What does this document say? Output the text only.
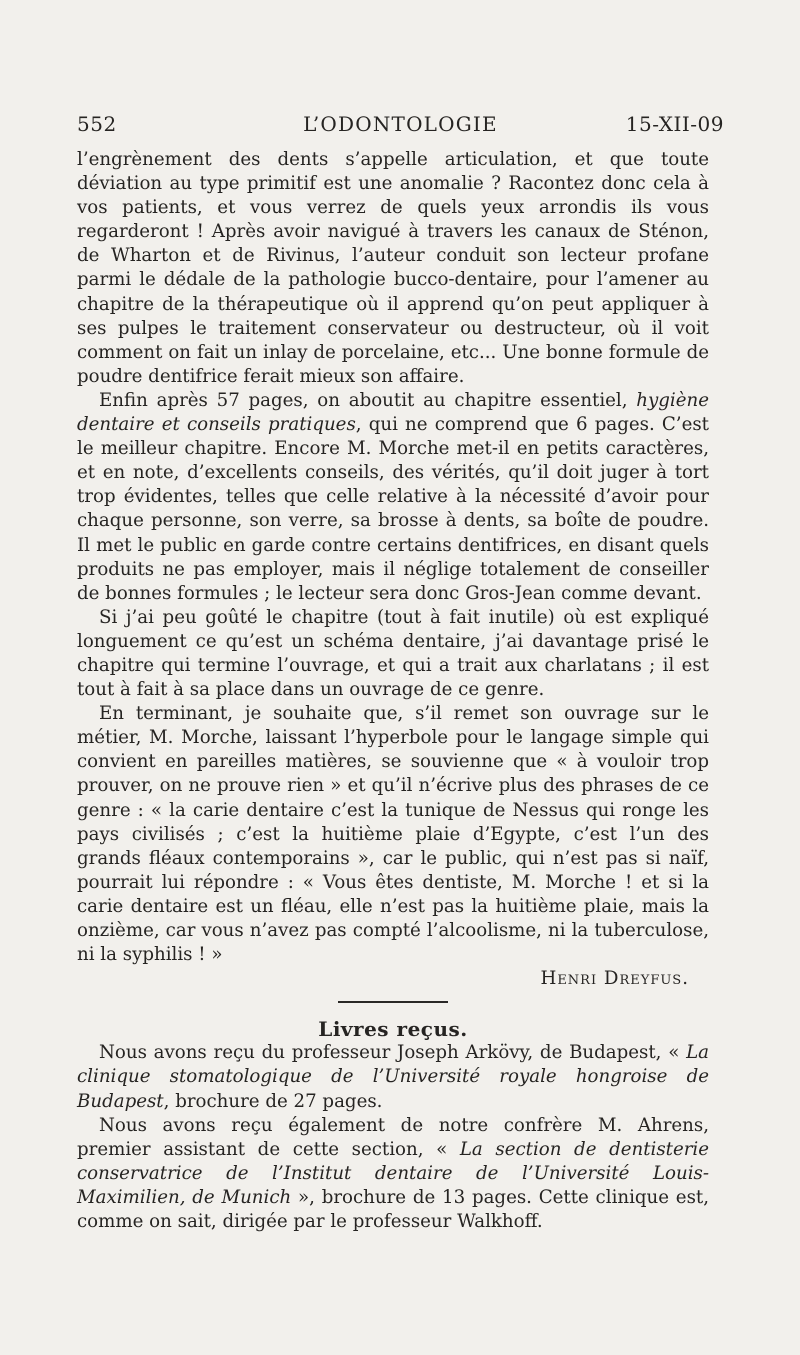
552	L’ODONTOLOGIE	15-XII-09

l’engrènement des dents s’appelle articulation, et que toute déviation au type primitif est une anomalie ? Racontez donc cela à vos patients, et vous verrez de quels yeux arrondis ils vous regarderont ! Après avoir navigué à travers les canaux de Sténon, de Wharton et de Rivinus, l’auteur conduit son lecteur profane parmi le dédale de la pathologie bucco-dentaire, pour l’amener au chapitre de la thérapeutique où il apprend qu’on peut appliquer à ses pulpes le traitement conservateur ou destructeur, où il voit comment on fait un inlay de porcelaine, etc... Une bonne formule de poudre dentifrice ferait mieux son affaire.

Enfin après 57 pages, on aboutit au chapitre essentiel, hygiène dentaire et conseils pratiques, qui ne comprend que 6 pages. C’est le meilleur chapitre. Encore M. Morche met-il en petits caractères, et en note, d’excellents conseils, des vérités, qu’il doit juger à tort trop évidentes, telles que celle relative à la nécessité d’avoir pour chaque personne, son verre, sa brosse à dents, sa boîte de poudre. Il met le public en garde contre certains dentifrices, en disant quels produits ne pas employer, mais il néglige totalement de conseiller de bonnes formules ; le lecteur sera donc Gros-Jean comme devant.

Si j’ai peu goûté le chapitre (tout à fait inutile) où est expliqué longuement ce qu’est un schéma dentaire, j’ai davantage prisé le chapitre qui termine l’ouvrage, et qui a trait aux charlatans ; il est tout à fait à sa place dans un ouvrage de ce genre.

En terminant, je souhaite que, s’il remet son ouvrage sur le métier, M. Morche, laissant l’hyperbole pour le langage simple qui convient en pareilles matières, se souvienne que « à vouloir trop prouver, on ne prouve rien » et qu’il n’écrive plus des phrases de ce genre : « la carie dentaire c’est la tunique de Nessus qui ronge les pays civilisés ; c’est la huitième plaie d’Egypte, c’est l’un des grands fléaux contemporains », car le public, qui n’est pas si naïf, pourrait lui répondre : « Vous êtes dentiste, M. Morche ! et si la carie dentaire est un fléau, elle n’est pas la huitième plaie, mais la onzième, car vous n’avez pas compté l’alcoolisme, ni la tuberculose, ni la syphilis ! »

Henri Dreyfus.

Livres reçus.

Nous avons reçu du professeur Joseph Arkövy, de Budapest, « La clinique stomatologique de l’Université royale hongroise de Budapest, brochure de 27 pages.

Nous avons reçu également de notre confrère M. Ahrens, premier assistant de cette section, « La section de dentisterie conservatrice de l’Institut dentaire de l’Université Louis-Maximilien, de Munich », brochure de 13 pages. Cette clinique est, comme on sait, dirigée par le professeur Walkhoff.
